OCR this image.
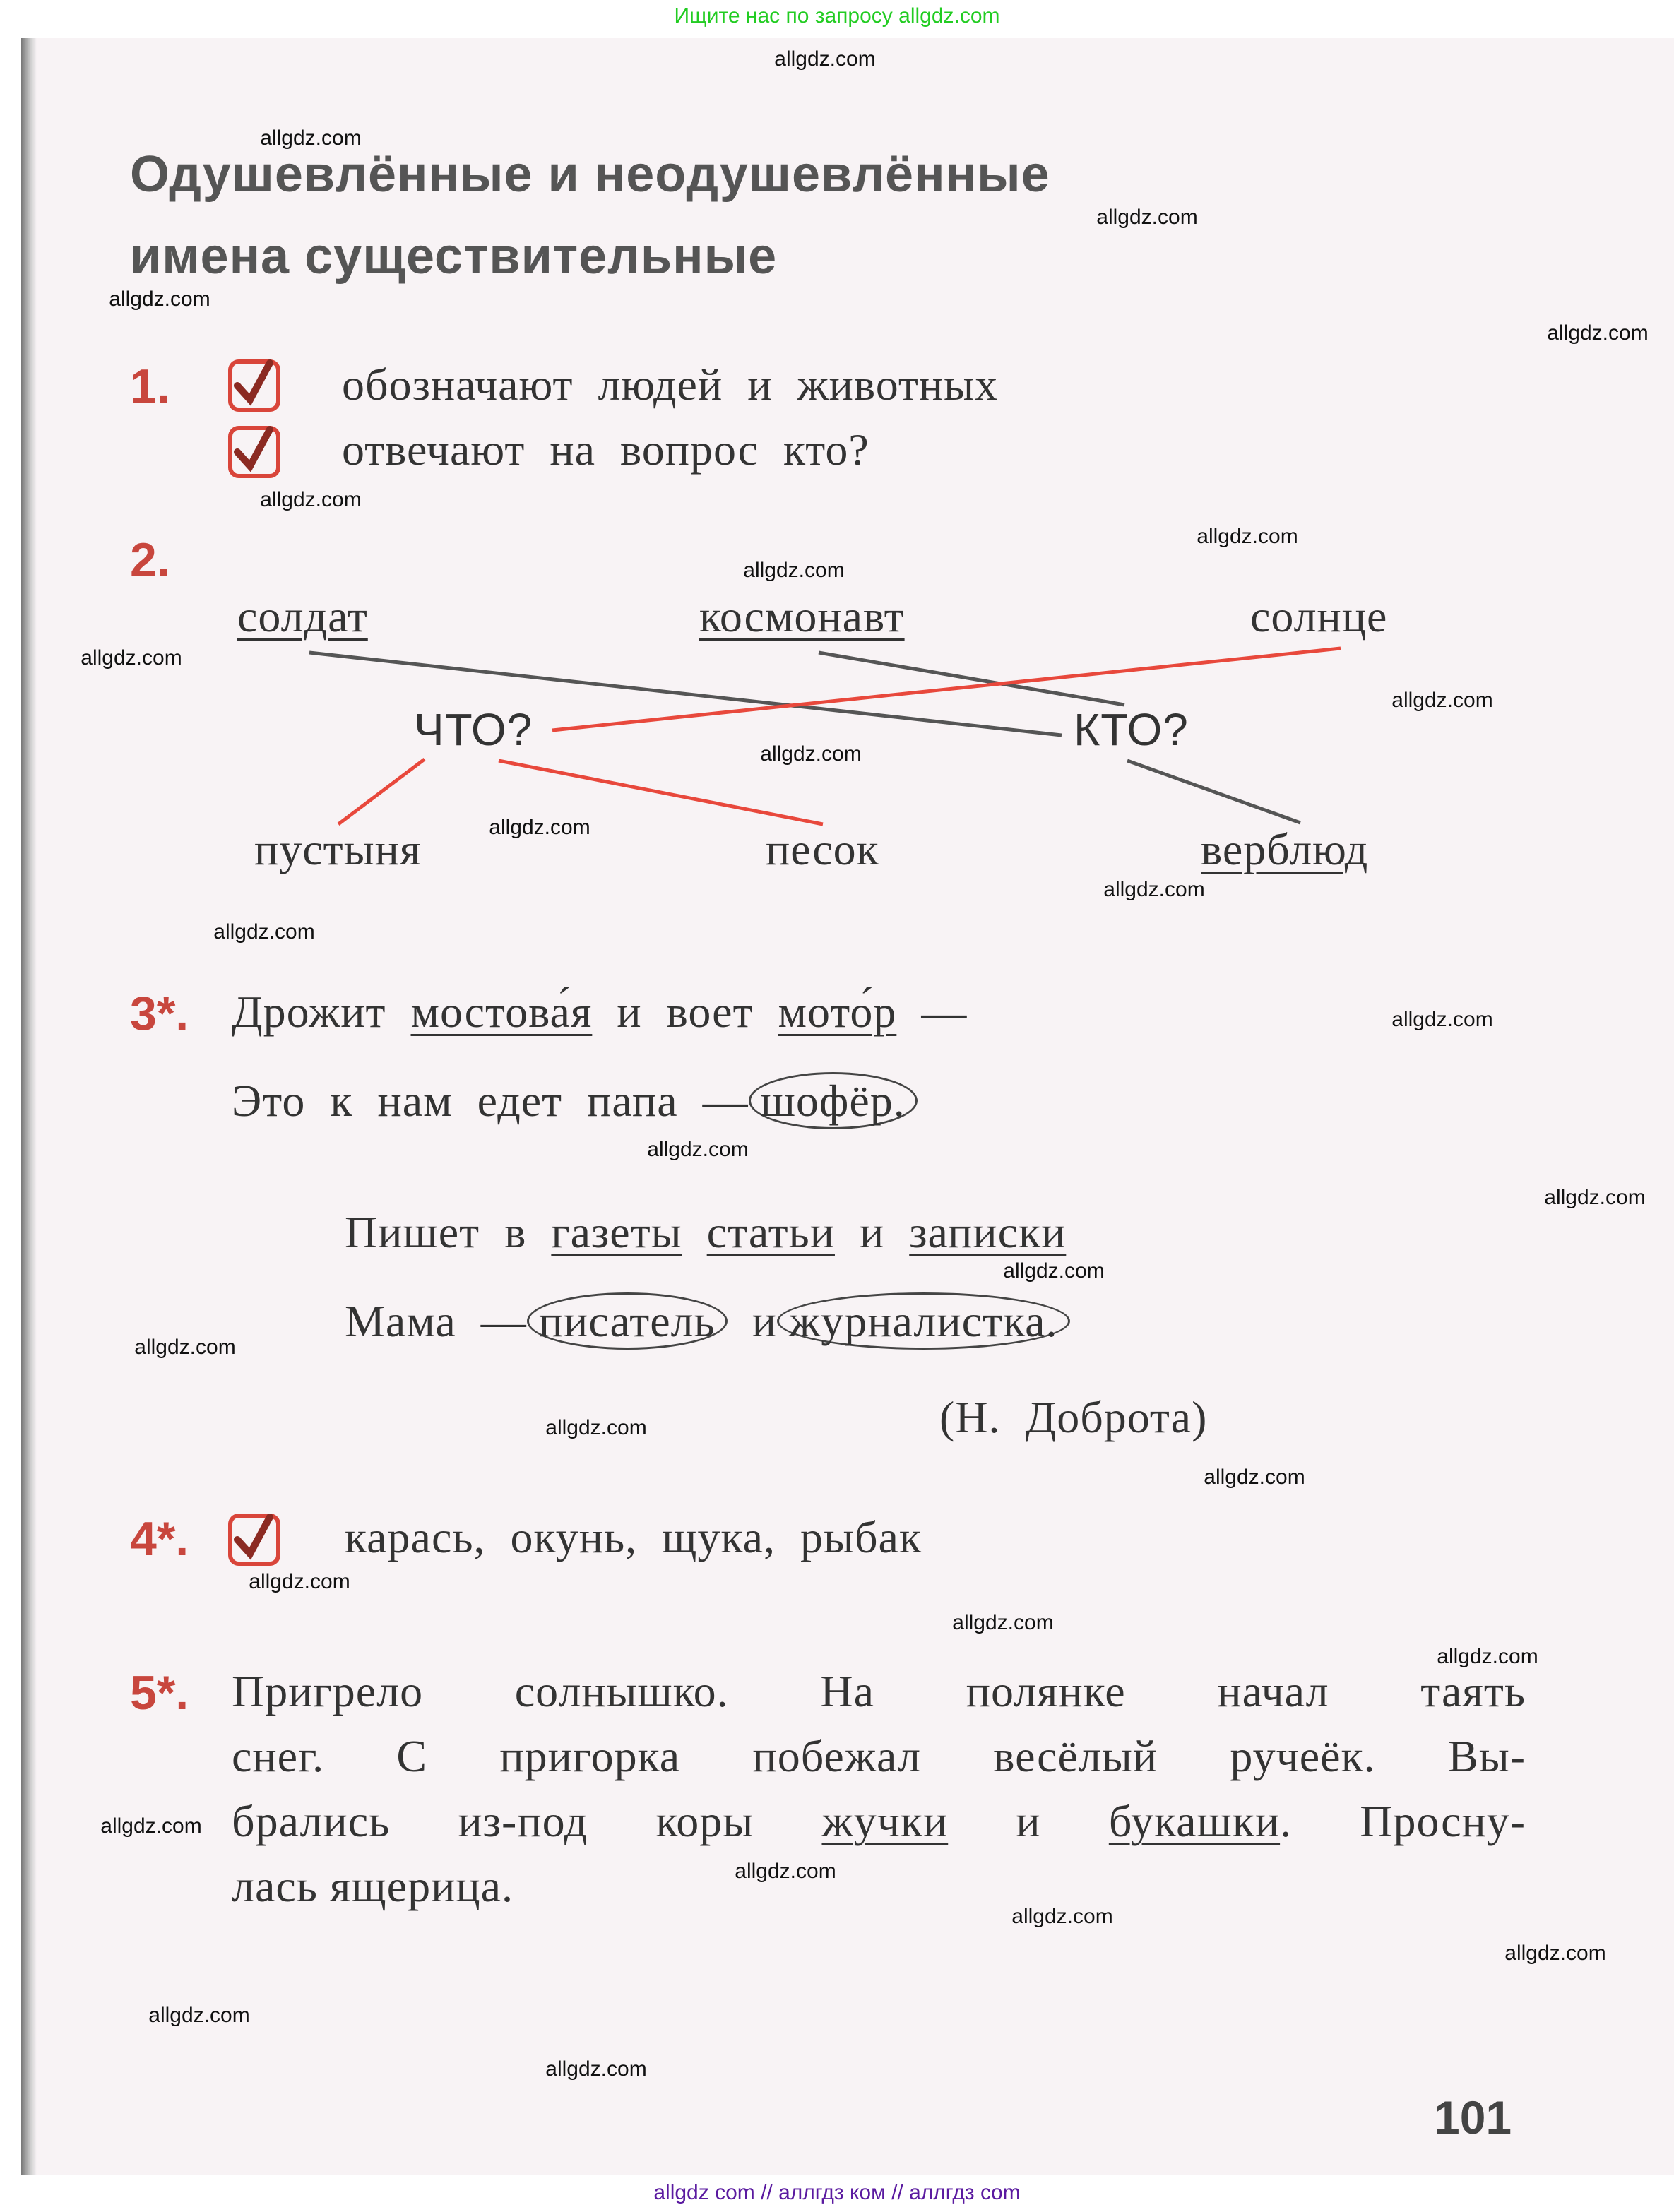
Ищите нас по запросу allgdz.com
Одушевлённые и неодушевлённые
имена существительные
1.	обозначают людей и животных
отвечают на вопрос кто?
2.
солдат	космонавт	солнце
ЧТО?	КТО?
пустыня	песок	верблюд
3*. Дрожит мостова́я и воет мото́р —
Это к нам едет папа — шофёр.
Пишет в газеты статьи и записки
Мама — писатель и журналистка.
(Н. Доброта)
4*.	карась, окунь, щука, рыбак
5*. Пригрело солнышко. На полянке начал таять
снег. С пригорка побежал весёлый ручеёк. Вы-
брались из-под коры жучки и букашки. Просну-
лась ящерица.
101
allgdz com // аллгдз ком // аллгдз com
allgdz.com
allgdz.com
allgdz.com
allgdz.com
allgdz.com
allgdz.com
allgdz.com
allgdz.com
allgdz.com
allgdz.com
allgdz.com
allgdz.com
allgdz.com
allgdz.com
allgdz.com
allgdz.com
allgdz.com
allgdz.com
allgdz.com
allgdz.com
allgdz.com
allgdz.com
allgdz.com
allgdz.com
allgdz.com
allgdz.com
allgdz.com
allgdz.com
allgdz.com
allgdz.com
